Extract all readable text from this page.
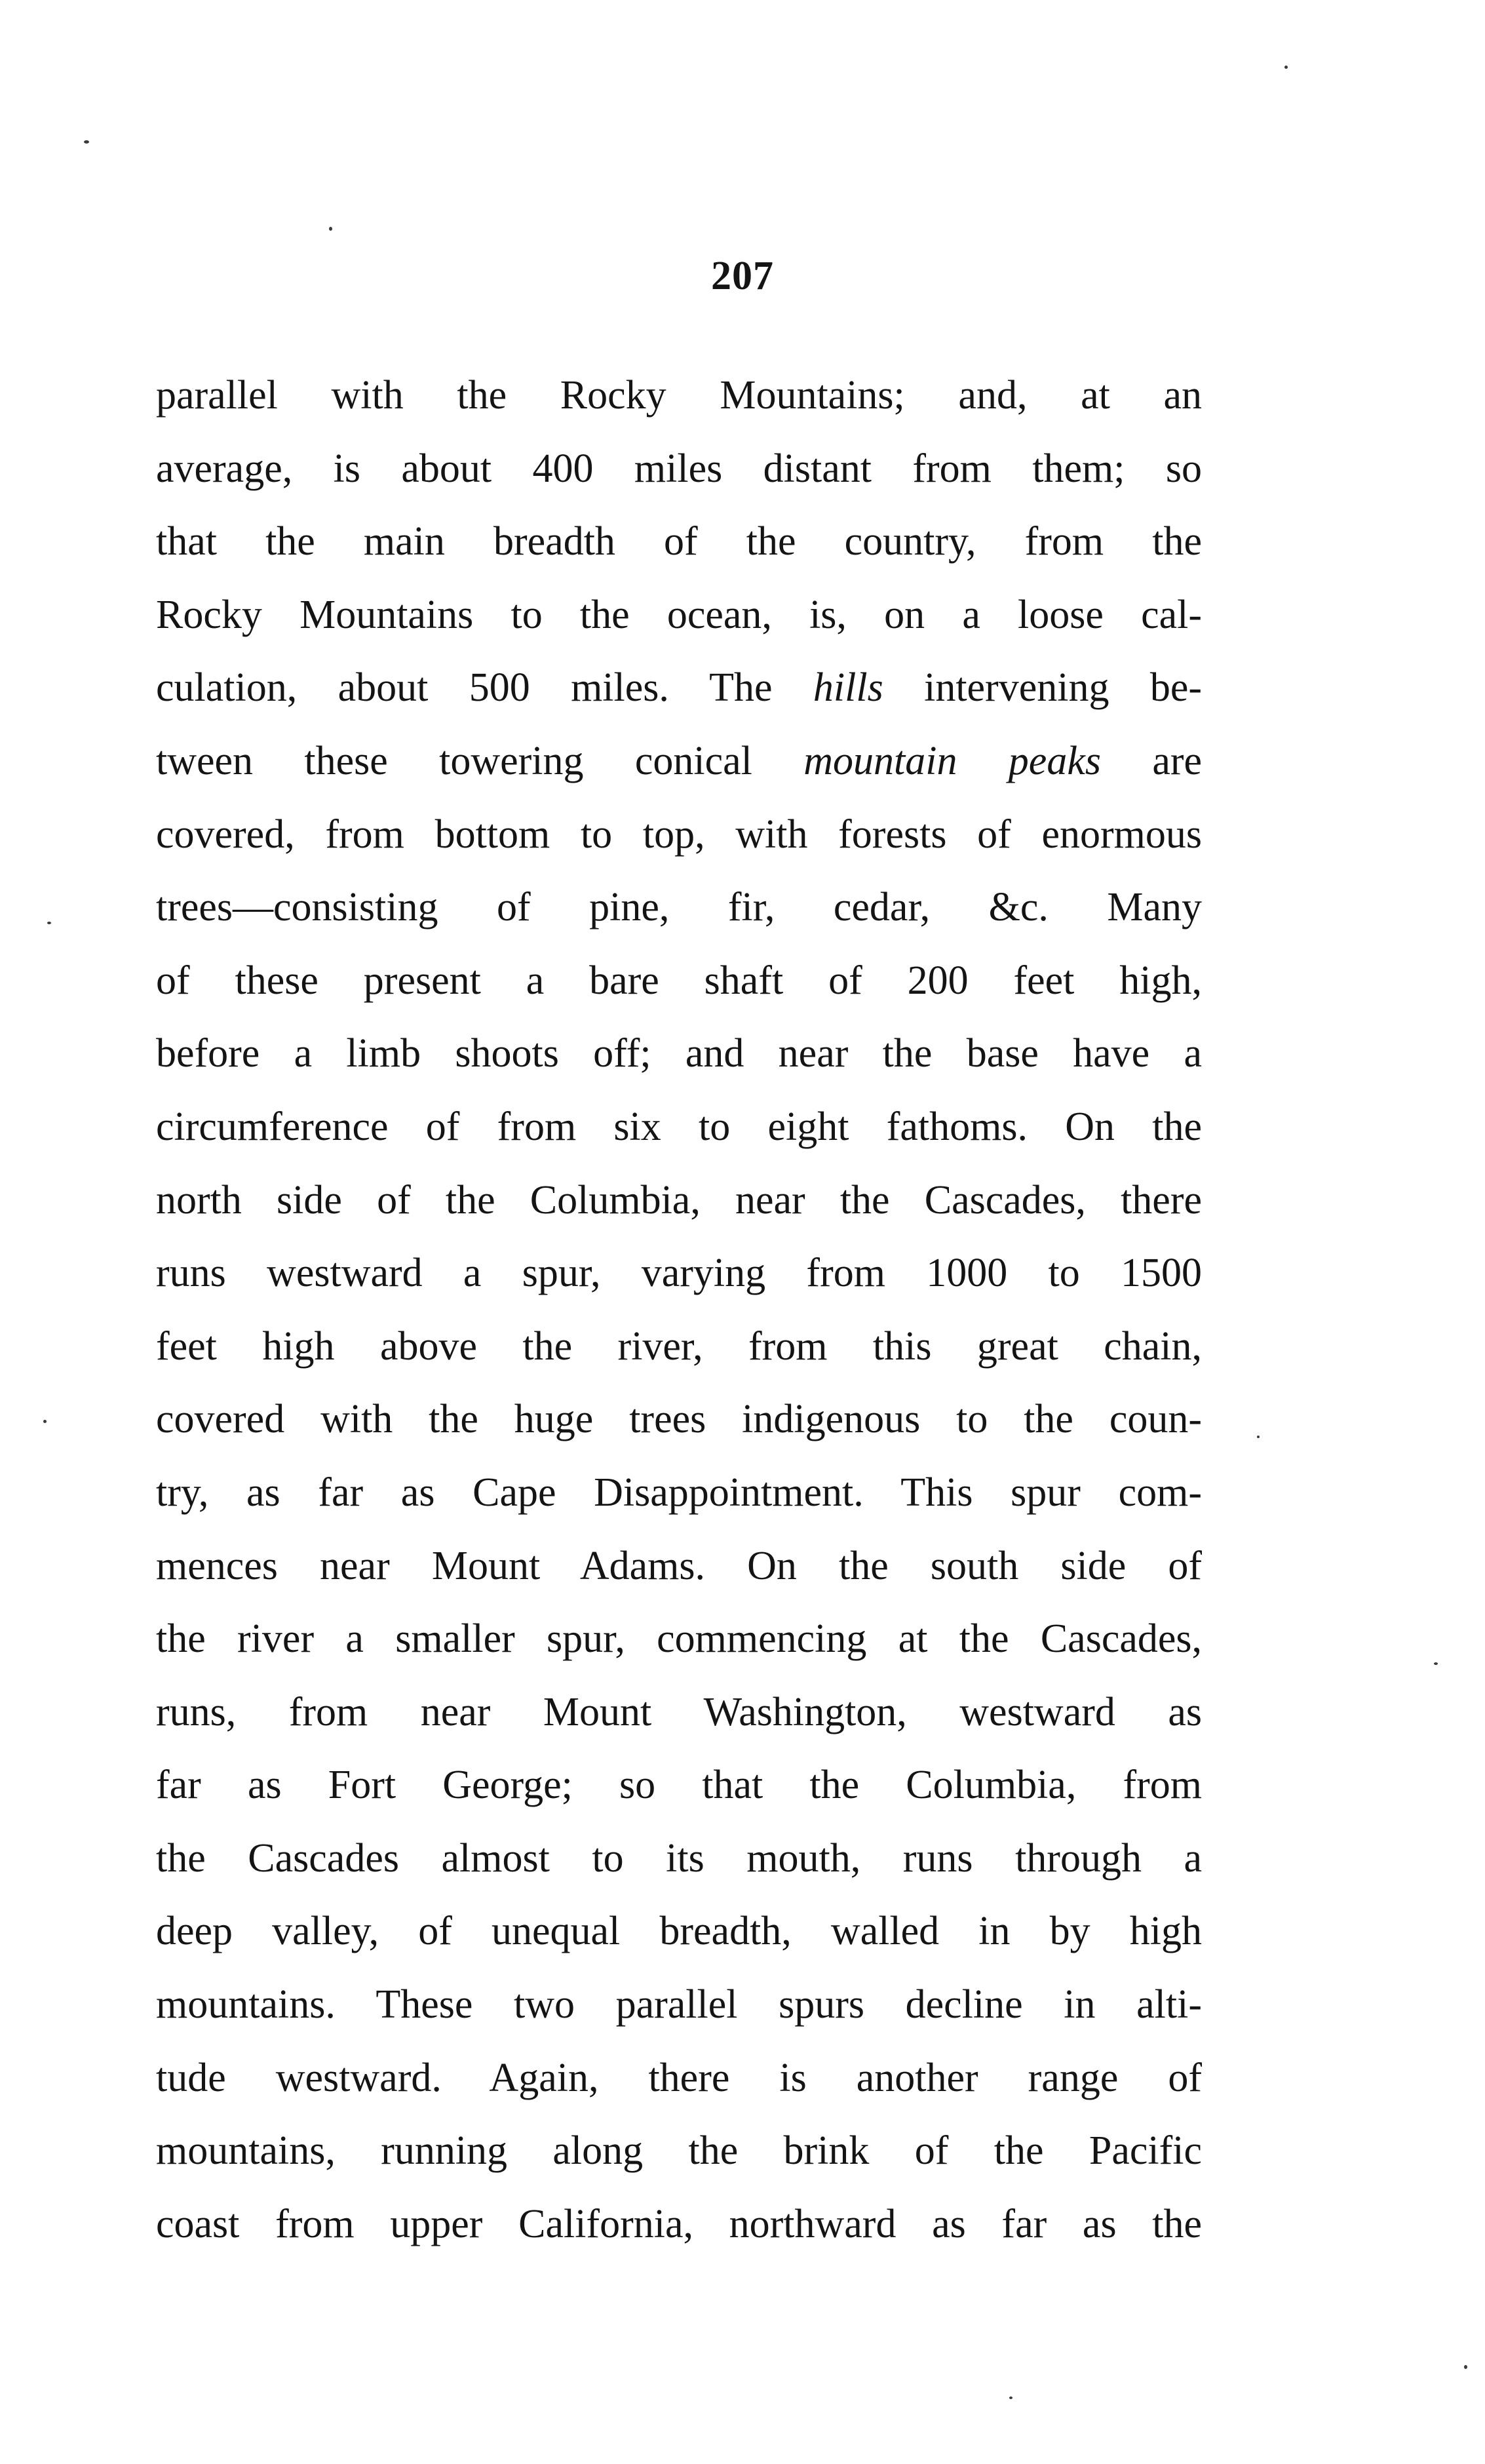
207
parallel with the Rocky Mountains; and, at an
average, is about 400 miles distant from them; so
that the main breadth of the country, from the
Rocky Mountains to the ocean, is, on a loose cal-
culation, about 500 miles. The hills intervening be-
tween these towering conical mountain peaks are
covered, from bottom to top, with forests of enormous
trees—consisting of pine, fir, cedar, &c. Many
of these present a bare shaft of 200 feet high,
before a limb shoots off; and near the base have a
circumference of from six to eight fathoms. On the
north side of the Columbia, near the Cascades, there
runs westward a spur, varying from 1000 to 1500
feet high above the river, from this great chain,
covered with the huge trees indigenous to the coun-
try, as far as Cape Disappointment. This spur com-
mences near Mount Adams. On the south side of
the river a smaller spur, commencing at the Cascades,
runs, from near Mount Washington, westward as
far as Fort George; so that the Columbia, from
the Cascades almost to its mouth, runs through a
deep valley, of unequal breadth, walled in by high
mountains. These two parallel spurs decline in alti-
tude westward. Again, there is another range of
mountains, running along the brink of the Pacific
coast from upper California, northward as far as the
